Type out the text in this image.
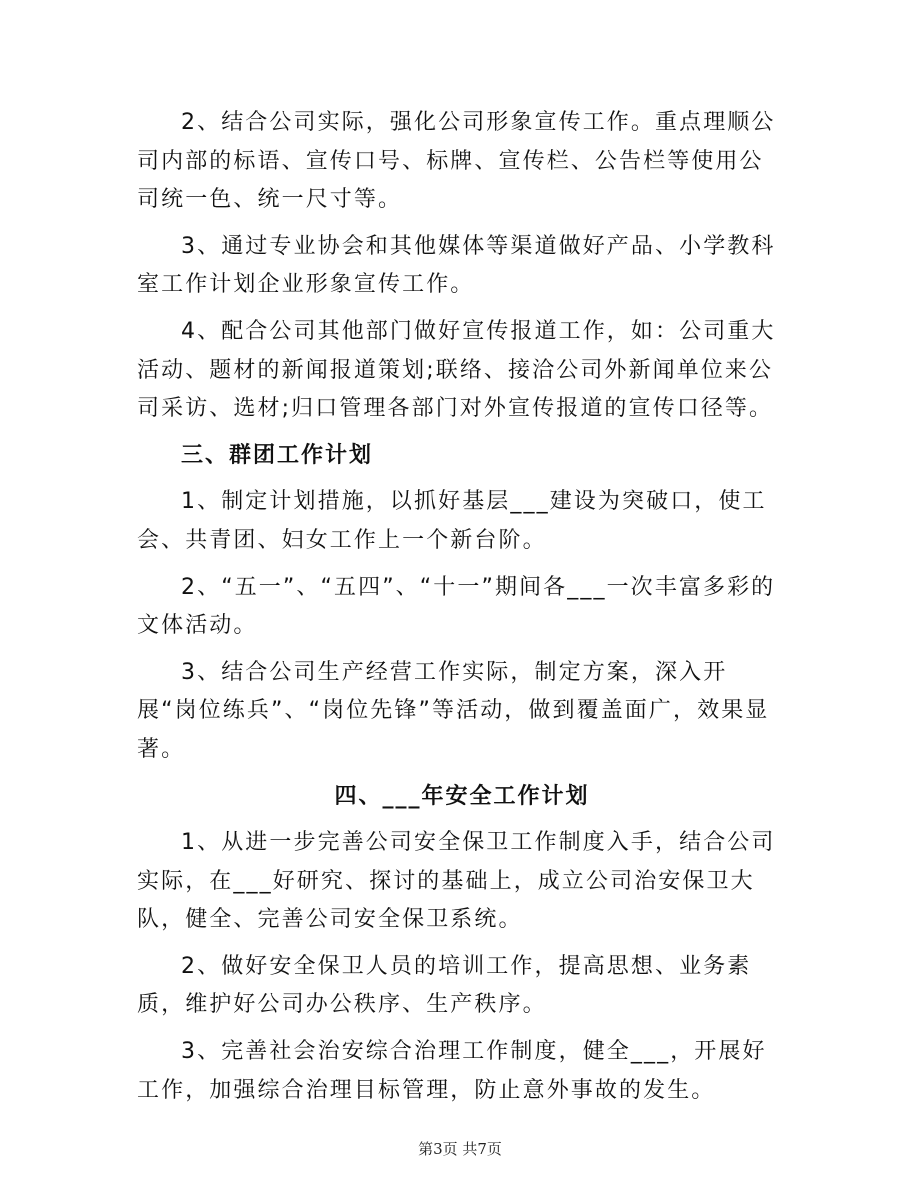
2、结合公司实际，强化公司形象宣传工作。重点理顺公司内部的标语、宣传口号、标牌、宣传栏、公告栏等使用公司统一色、统一尺寸等。

3、通过专业协会和其他媒体等渠道做好产品、小学教科室工作计划企业形象宣传工作。

4、配合公司其他部门做好宣传报道工作，如：公司重大活动、题材的新闻报道策划;联络、接洽公司外新闻单位来公司采访、选材;归口管理各部门对外宣传报道的宣传口径等。

三、群团工作计划

1、制定计划措施，以抓好基层___建设为突破口，使工会、共青团、妇女工作上一个新台阶。

2、“五一”、“五四”、“十一”期间各___一次丰富多彩的文体活动。

3、结合公司生产经营工作实际，制定方案，深入开展“岗位练兵”、“岗位先锋”等活动，做到覆盖面广，效果显著。

四、___年安全工作计划

1、从进一步完善公司安全保卫工作制度入手，结合公司实际，在___好研究、探讨的基础上，成立公司治安保卫大队，健全、完善公司安全保卫系统。

2、做好安全保卫人员的培训工作，提高思想、业务素质，维护好公司办公秩序、生产秩序。

3、完善社会治安综合治理工作制度，健全___，开展好工作，加强综合治理目标管理，防止意外事故的发生。

第3页 共7页
